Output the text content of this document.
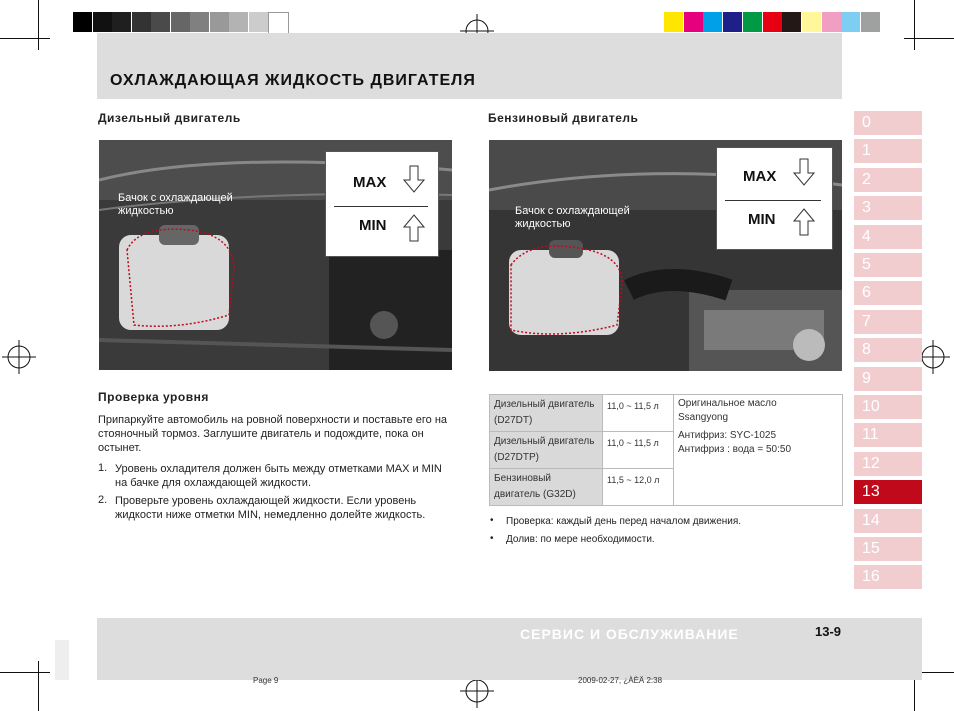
ОХЛАЖДАЮЩАЯ ЖИДКОСТЬ ДВИГАТЕЛЯ
Дизельный двигатель
Бачок с охлаждающей жидкостью
MAX
MIN
Проверка уровня
Припаркуйте автомобиль на ровной поверхности и поставьте его на стояночный тормоз. Заглушите двигатель и подождите, пока он остынет.
1. Уровень охладителя должен быть между отметками MAX и MIN на бачке для охлаждающей жидкости.
2. Проверьте уровень охлаждающей жидкости. Если уровень жидкости ниже отметки MIN, немедленно долейте жидкость.
Бензиновый двигатель
Бачок с охлаждающей жидкостью
MAX
MIN
Дизельный двигатель (D27DT)	11,0 ~ 11,5 л	Оригинальное масло Ssangyong
Антифриз: SYC-1025
Антифриз : вода = 50:50

Дизельный двигатель (D27DTP)	11,0 ~ 11,5 л	
Бензиновый двигатель (G32D)	11,5 ~ 12,0 л	
• Проверка: каждый день перед началом движения.
• Долив: по мере необходимости.
0
1
2
3
4
5
6
7
8
9
10
11
12
13
14
15
16
СЕРВИС И ОБСЛУЖИВАНИЕ	13-9
Page 9	2009-02-27, ¿ÀÈÄ 2:38
